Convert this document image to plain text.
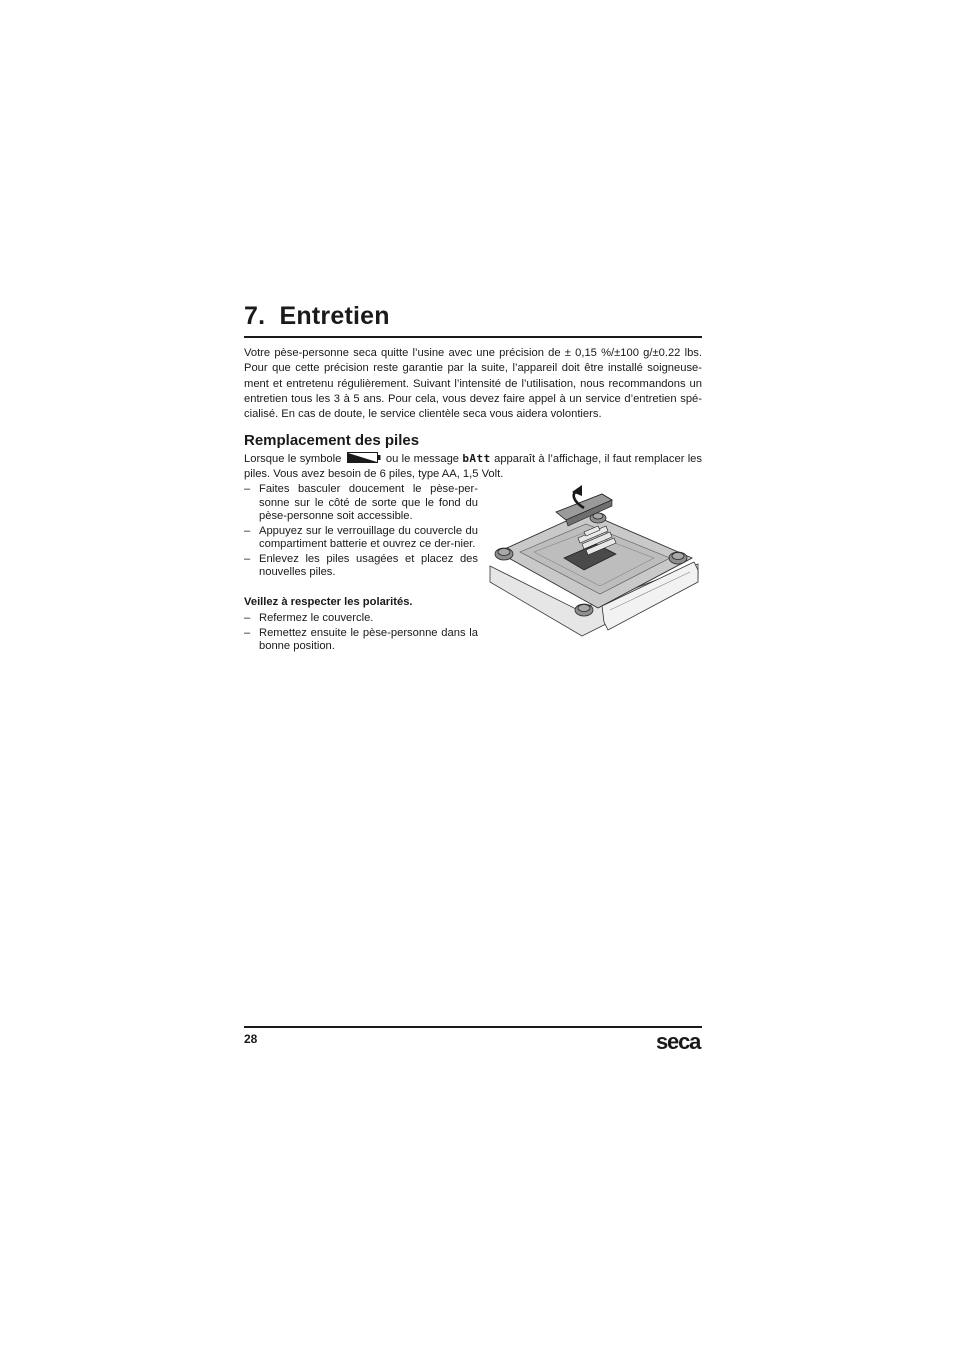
7.  Entretien

Votre pèse-personne seca quitte l’usine avec une précision de ± 0,15 %/±100 g/±0.22 lbs. Pour que cette précision reste garantie par la suite, l’appareil doit être installé soigneuse-ment et entretenu régulièrement. Suivant l’intensité de l’utilisation, nous recommandons un entretien tous les 3 à 5 ans. Pour cela, vous devez faire appel à un service d’entretien spé-cialisé. En cas de doute, le service clientèle seca vous aidera volontiers.

Remplacement des piles

Lorsque le symbole	ou le message bAtt apparaît à l’affichage, il faut remplacer les piles. Vous avez besoin de 6 piles, type AA, 1,5 Volt.

– Faites basculer doucement le pèse-per-sonne sur le côté de sorte que le fond du pèse-personne soit accessible.
– Appuyez sur le verrouillage du couvercle du compartiment batterie et ouvrez ce der-nier.
– Enlevez les piles usagées et placez des nouvelles piles.

Veillez à respecter les polarités.

– Refermez le couvercle.
– Remettez ensuite le pèse-personne dans la bonne position.

28	seca
